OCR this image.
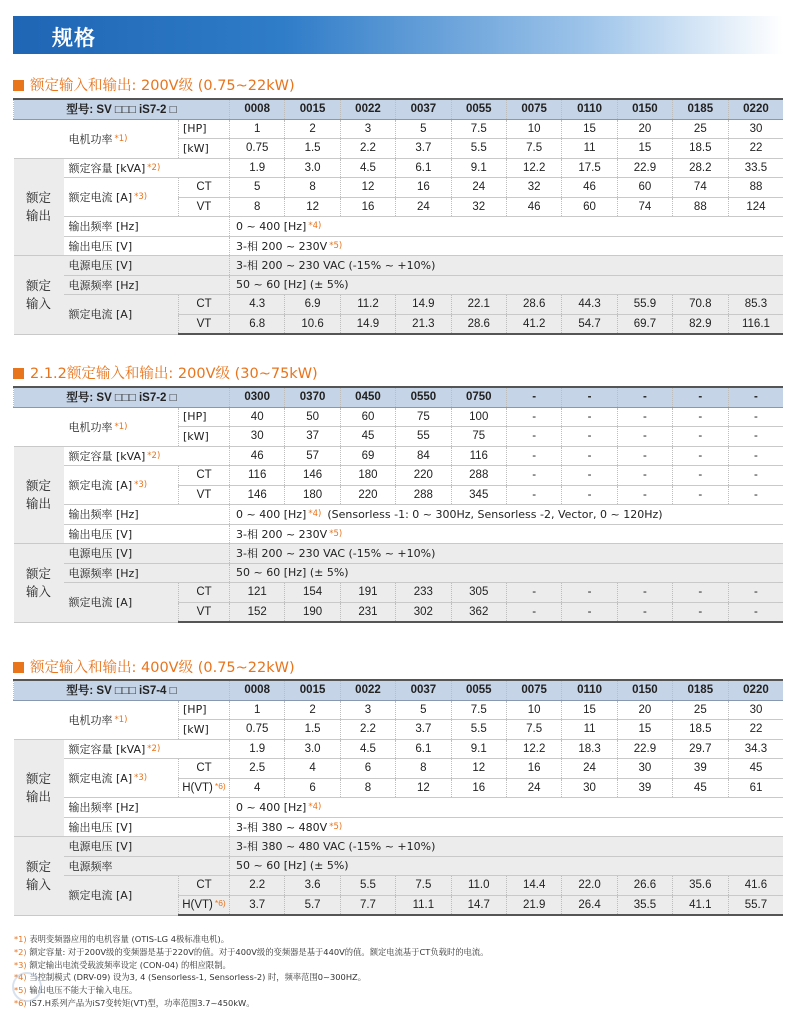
规格
额定输入和输出: 200V级 (0.75~22kW)
型号: SV □□□ iS7-2 □			0008	0015	0022	0037	0055	0075	0110	0150	0185	0220
电机功率 $^{*1)}$		[HP]	1	2	3	5	7.5	10	15	20	25	30
		[kW]	0.75	1.5	2.2	3.7	5.5	7.5	11	15	18.5	22
额定
输出	额定容量 [kVA] $^{*2)}$		1.9	3.0	4.5	6.1	9.1	12.2	17.5	22.9	28.2	33.5
	额定电流 [A] $^{*3)}$	CT	5	8	12	16	24	32	46	60	74	88
		VT	8	12	16	24	32	46	60	74	88	124
	输出频率 [Hz]		0 ~ 400 [Hz] $^{*4)}$
	输出电压 [V]		3-相 200 ~ 230V $^{*5)}$
额定
输入	电源电压 [V]		3-相 200 ~ 230 VAC (-15% ~ +10%)									
	电源频率 [Hz]		50 ~ 60 [Hz] (± 5%)									
	额定电流 [A]	CT	4.3	6.9	11.2	14.9	22.1	28.6	44.3	55.9	70.8	85.3
		VT	6.8	10.6	14.9	21.3	28.6	41.2	54.7	69.7	82.9	116.1
2.1.2额定输入和输出: 200V级 (30~75kW)
型号: SV □□□ iS7-2 □			0300	0370	0450	0550	0750	-	-	-	-	-
电机功率 $^{*1)}$		[HP]	40	50	60	75	100	-	-	-	-	-
		[kW]	30	37	45	55	75	-	-	-	-	-
额定
输出	额定容量 [kVA] $^{*2)}$		46	57	69	84	116	-	-	-	-	-
	额定电流 [A] $^{*3)}$	CT	116	146	180	220	288	-	-	-	-	-
		VT	146	180	220	288	345	-	-	-	-	-
	输出频率 [Hz]		0 ~ 400 [Hz] $^{*4)}$ (Sensorless -1: 0 ~ 300Hz, Sensorless -2, Vector, 0 ~ 120Hz)									
	输出电压 [V]		3-相 200 ~ 230V $^{*5)}$
额定
输入	电源电压 [V]		3-相 200 ~ 230 VAC (-15% ~ +10%)									
	电源频率 [Hz]		50 ~ 60 [Hz] (± 5%)									
	额定电流 [A]	CT	121	154	191	233	305	-	-	-	-	-
		VT	152	190	231	302	362	-	-	-	-	-
额定输入和输出: 400V级 (0.75~22kW)
型号: SV □□□ iS7-4 □			0008	0015	0022	0037	0055	0075	0110	0150	0185	0220
电机功率 $^{*1)}$		[HP]	1	2	3	5	7.5	10	15	20	25	30
		[kW]	0.75	1.5	2.2	3.7	5.5	7.5	11	15	18.5	22
额定
输出	额定容量 [kVA] $^{*2)}$		1.9	3.0	4.5	6.1	9.1	12.2	18.3	22.9	29.7	34.3
	额定电流 [A] $^{*3)}$	CT	2.5	4	6	8	12	16	24	30	39	45
		H(VT) $^{*6)}$	4	6	8	12	16	24	30	39	45	61
	输出频率 [Hz]		0 ~ 400 [Hz] $^{*4)}$
	输出电压 [V]		3-相 380 ~ 480V $^{*5)}$
额定
输入	电源电压 [V]		3-相 380 ~ 480 VAC (-15% ~ +10%)									
	电源频率		50 ~ 60 [Hz] (± 5%)									
	额定电流 [A]	CT	2.2	3.6	5.5	7.5	11.0	14.4	22.0	26.6	35.6	41.6
		H(VT) $^{*6)}$	3.7	5.7	7.7	11.1	14.7	21.9	26.4	35.5	41.1	55.7
*1) 表明变频器应用的电机容量 (OTIS-LG 4极标准电机)。
*2) 额定容量: 对于200V级的变频器是基于220V的值。对于400V级的变频器是基于440V的值。额定电流基于CT负载时的电流。
*3) 额定输出电流受载波频率设定 (CON-04) 的相应限制。
*4) 当控制模式 (DRV-09) 设为3, 4 (Sensorless-1, Sensorless-2) 时，频率范围0~300HZ。
*5) 输出电压不能大于输入电压。
*6) iS7.H系列产品为iS7变转矩(VT)型，功率范围3.7~450kW。
